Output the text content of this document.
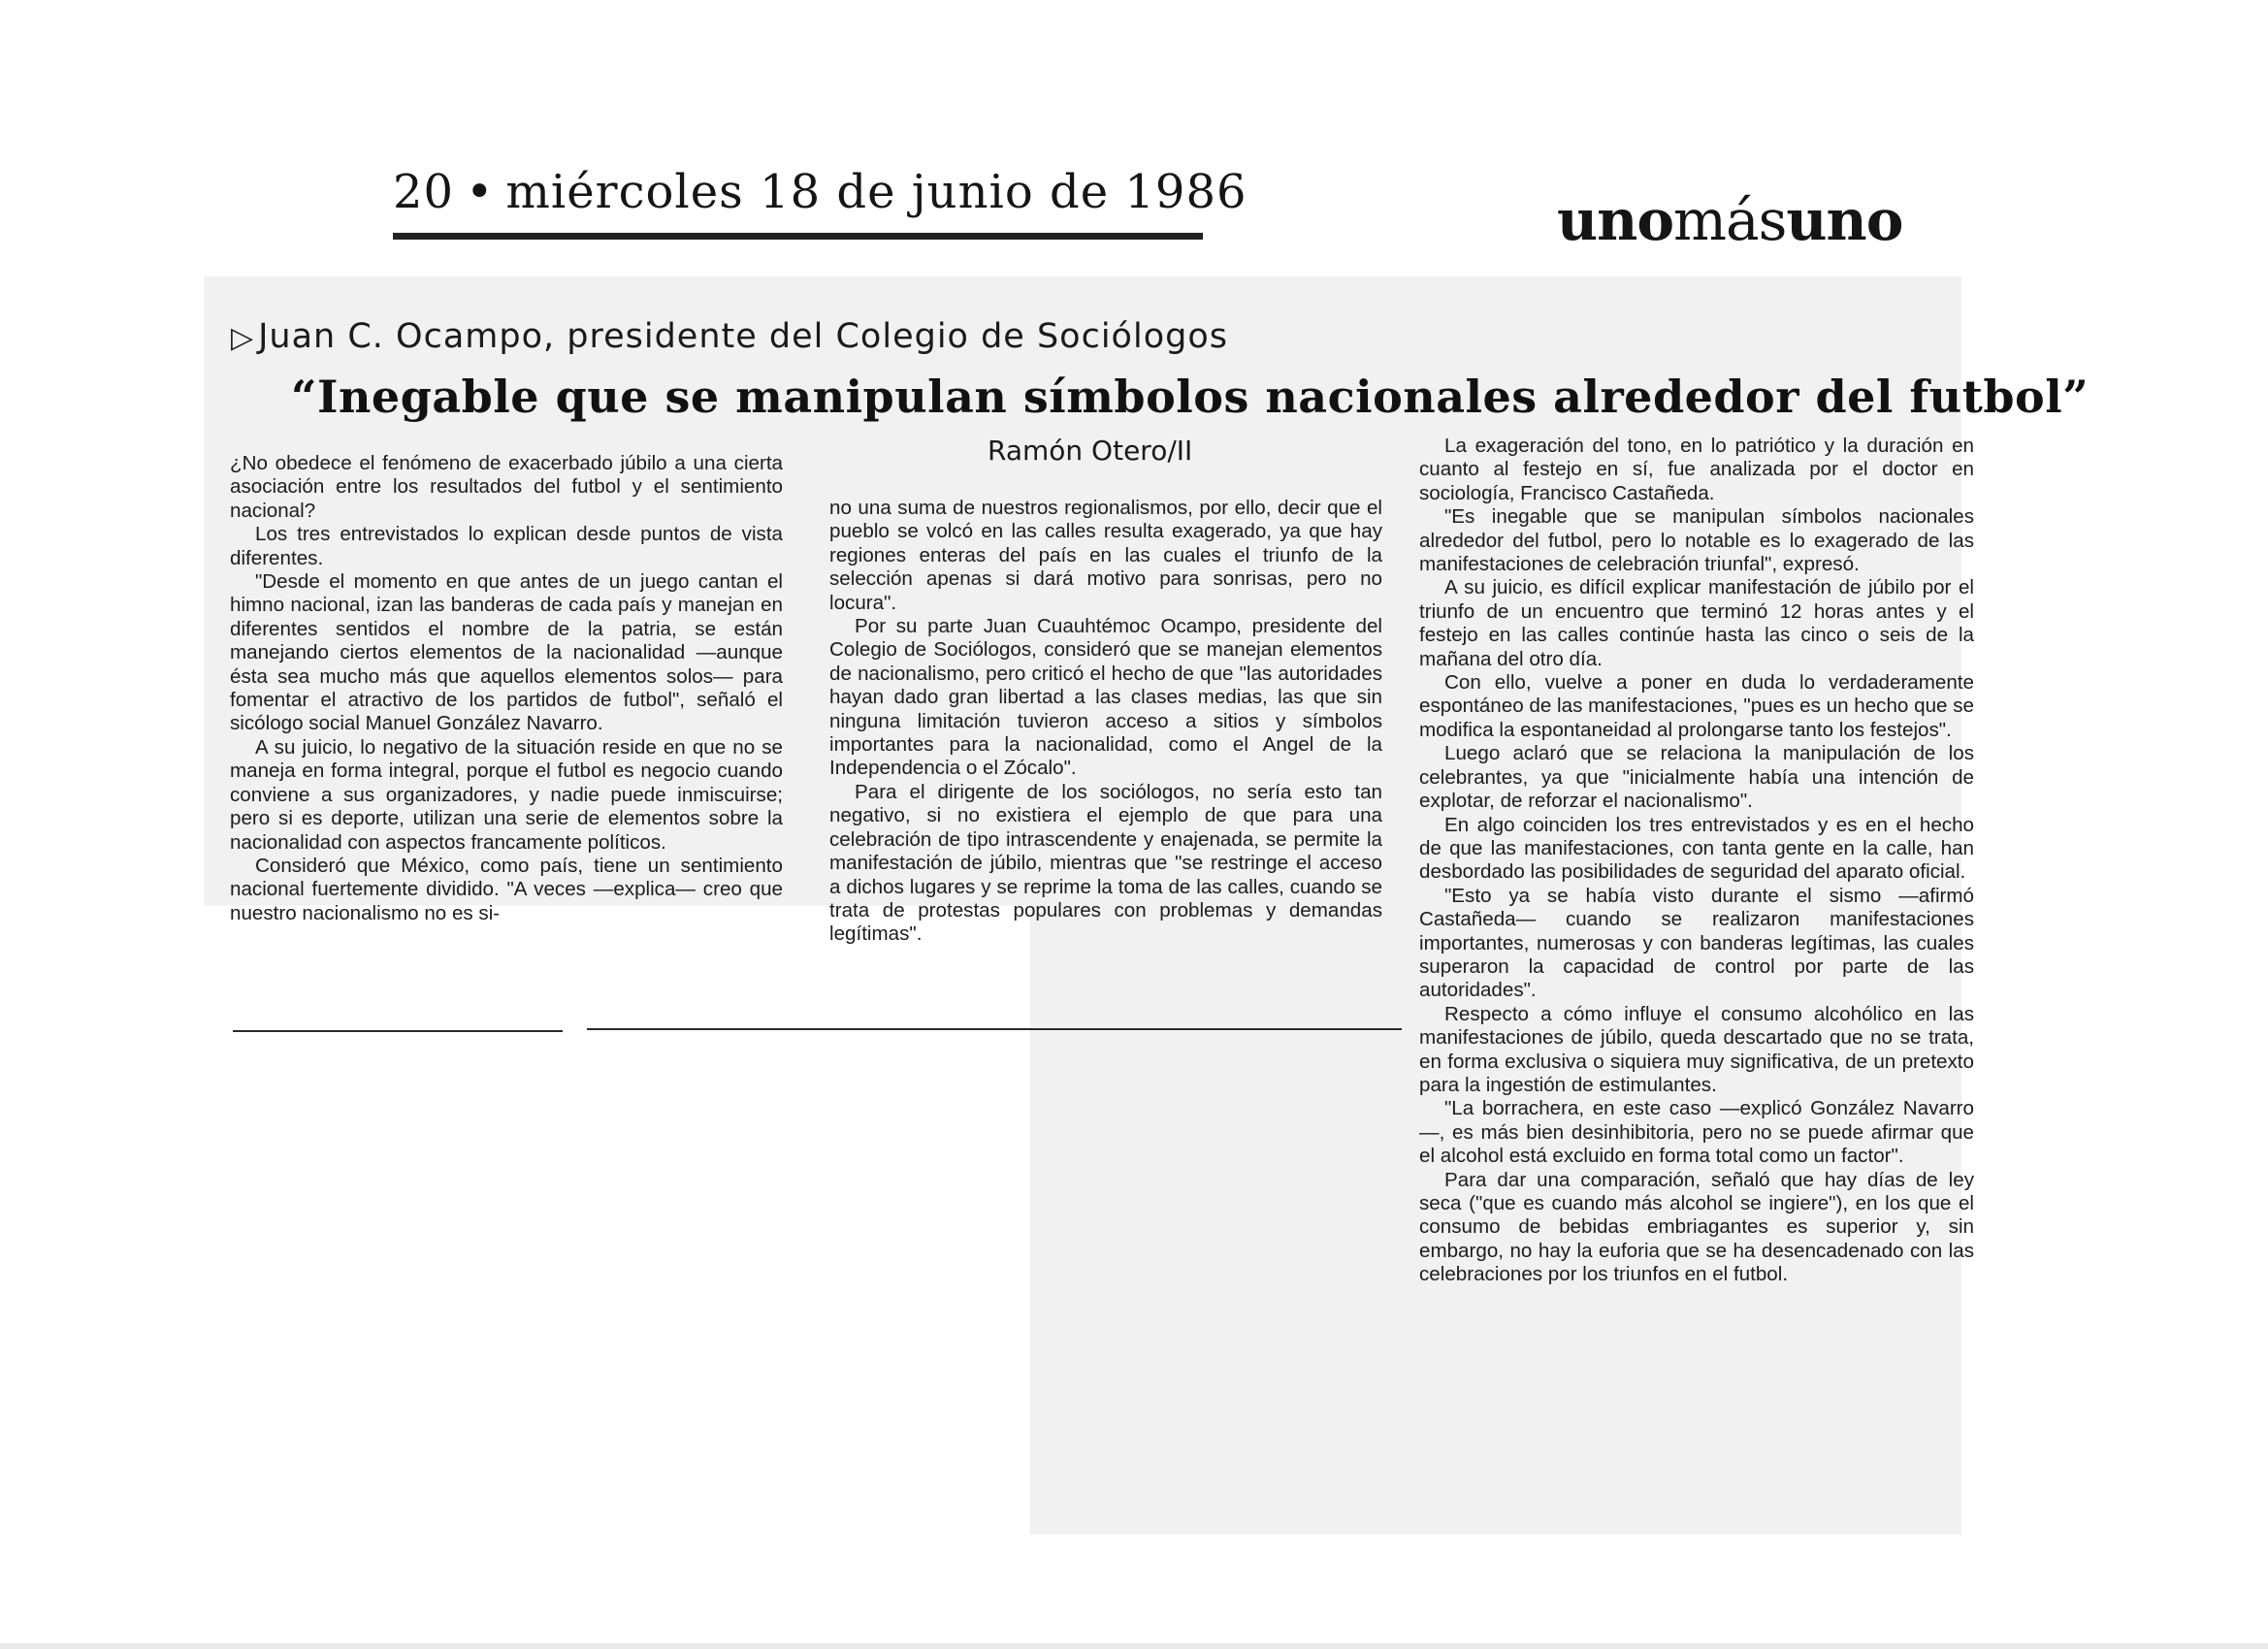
20 • miércoles 18 de junio de 1986	unomásuno
▷ Juan C. Ocampo, presidente del Colegio de Sociólogos
“Inegable que se manipulan símbolos nacionales alrededor del futbol”
Ramón Otero/II

¿No obedece el fenómeno de exacerbado júbilo a una cierta asociación entre los resultados del futbol y el sentimiento nacional?

Los tres entrevistados lo explican desde puntos de vista diferentes.

"Desde el momento en que antes de un juego cantan el himno nacional, izan las banderas de cada país y manejan en diferentes sentidos el nombre de la patria, se están manejando ciertos elementos de la nacionalidad —aunque ésta sea mucho más que aquellos elementos solos— para fomentar el atractivo de los partidos de futbol", señaló el sicólogo social Manuel González Navarro.

A su juicio, lo negativo de la situación reside en que no se maneja en forma integral, porque el futbol es negocio cuando conviene a sus organizadores, y nadie puede inmiscuirse; pero si es deporte, utilizan una serie de elementos sobre la nacionalidad con aspectos francamente políticos.

Consideró que México, como país, tiene un sentimiento nacional fuertemente dividido. "A veces —explica— creo que nuestro nacionalismo no es si-

no una suma de nuestros regionalismos, por ello, decir que el pueblo se volcó en las calles resulta exagerado, ya que hay regiones enteras del país en las cuales el triunfo de la selección apenas si dará motivo para sonrisas, pero no locura".

Por su parte Juan Cuauhtémoc Ocampo, presidente del Colegio de Sociólogos, consideró que se manejan elementos de nacionalismo, pero criticó el hecho de que "las autoridades hayan dado gran libertad a las clases medias, las que sin ninguna limitación tuvieron acceso a sitios y símbolos importantes para la nacionalidad, como el Angel de la Independencia o el Zócalo".

Para el dirigente de los sociólogos, no sería esto tan negativo, si no existiera el ejemplo de que para una celebración de tipo intrascendente y enajenada, se permite la manifestación de júbilo, mientras que "se restringe el acceso a dichos lugares y se reprime la toma de las calles, cuando se trata de protestas populares con problemas y demandas legítimas".

La exageración del tono, en lo patriótico y la duración en cuanto al festejo en sí, fue analizada por el doctor en sociología, Francisco Castañeda.

"Es inegable que se manipulan símbolos nacionales alrededor del futbol, pero lo notable es lo exagerado de las manifestaciones de celebración triunfal", expresó.

A su juicio, es difícil explicar manifestación de júbilo por el triunfo de un encuentro que terminó 12 horas antes y el festejo en las calles continúe hasta las cinco o seis de la mañana del otro día.

Con ello, vuelve a poner en duda lo verdaderamente espontáneo de las manifestaciones, "pues es un hecho que se modifica la espontaneidad al prolongarse tanto los festejos".

Luego aclaró que se relaciona la manipulación de los celebrantes, ya que "inicialmente había una intención de explotar, de reforzar el nacionalismo".

En algo coinciden los tres entrevistados y es en el hecho de que las manifestaciones, con tanta gente en la calle, han desbordado las posibilidades de seguridad del aparato oficial.

"Esto ya se había visto durante el sismo —afirmó Castañeda— cuando se realizaron manifestaciones importantes, numerosas y con banderas legítimas, las cuales superaron la capacidad de control por parte de las autoridades".

Respecto a cómo influye el consumo alcohólico en las manifestaciones de júbilo, queda descartado que no se trata, en forma exclusiva o siquiera muy significativa, de un pretexto para la ingestión de estimulantes.

"La borrachera, en este caso —explicó González Navarro—, es más bien desinhibitoria, pero no se puede afirmar que el alcohol está excluido en forma total como un factor".

Para dar una comparación, señaló que hay días de ley seca ("que es cuando más alcohol se ingiere"), en los que el consumo de bebidas embriagantes es superior y, sin embargo, no hay la euforia que se ha desencadenado con las celebraciones por los triunfos en el futbol.
